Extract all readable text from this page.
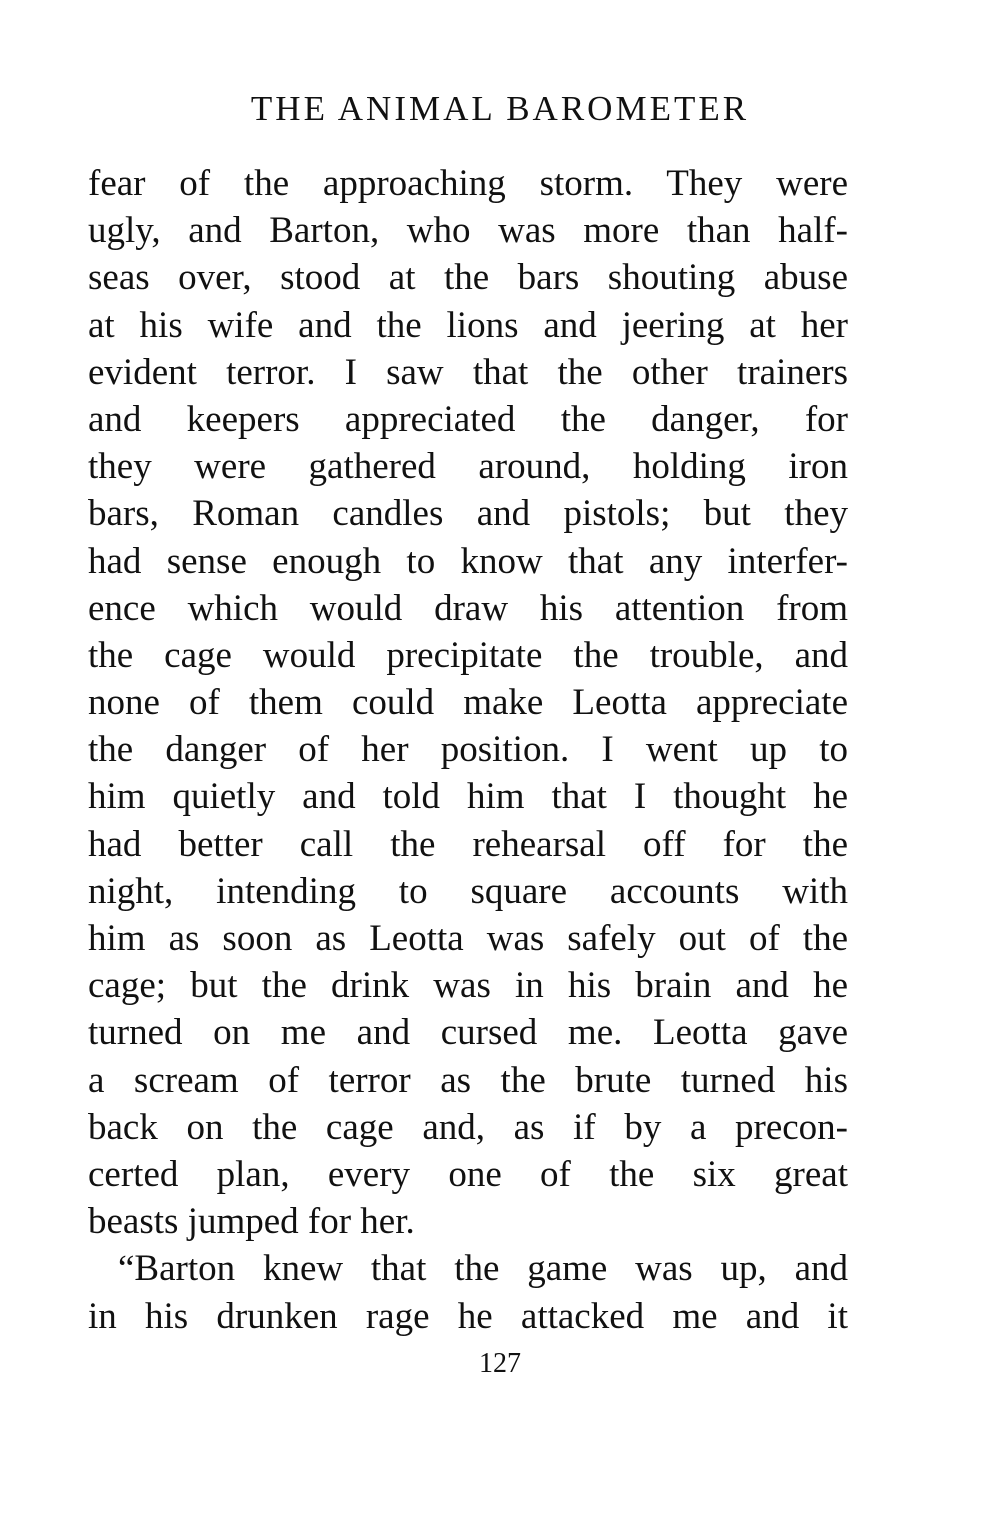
THE ANIMAL BAROMETER
fear of the approaching storm. They were
ugly, and Barton, who was more than half-
seas over, stood at the bars shouting abuse
at his wife and the lions and jeering at her
evident terror. I saw that the other trainers
and keepers appreciated the danger, for
they were gathered around, holding iron
bars, Roman candles and pistols; but they
had sense enough to know that any interfer-
ence which would draw his attention from
the cage would precipitate the trouble, and
none of them could make Leotta appreciate
the danger of her position. I went up to
him quietly and told him that I thought he
had better call the rehearsal off for the
night, intending to square accounts with
him as soon as Leotta was safely out of the
cage; but the drink was in his brain and he
turned on me and cursed me. Leotta gave
a scream of terror as the brute turned his
back on the cage and, as if by a precon-
certed plan, every one of the six great
beasts jumped for her.
“Barton knew that the game was up, and
in his drunken rage he attacked me and it
127
